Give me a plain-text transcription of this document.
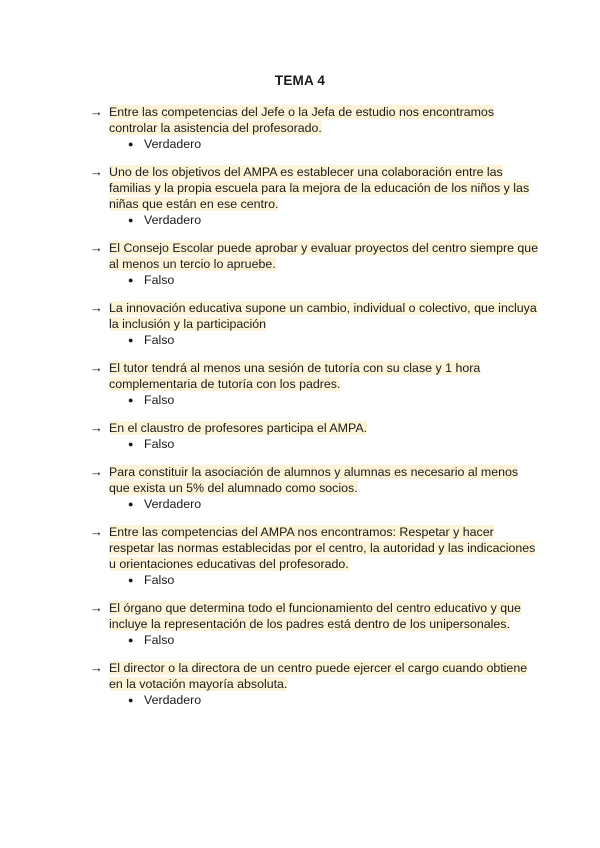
TEMA 4
→ Entre las competencias del Jefe o la Jefa de estudio nos encontramos controlar la asistencia del profesorado.
● Verdadero
→ Uno de los objetivos del AMPA es establecer una colaboración entre las familias y la propia escuela para la mejora de la educación de los niños y las niñas que están en ese centro.
● Verdadero
→ El Consejo Escolar puede aprobar y evaluar proyectos del centro siempre que al menos un tercio lo apruebe.
● Falso
→ La innovación educativa supone un cambio, individual o colectivo, que incluya la inclusión y la participación
● Falso
→ El tutor tendrá al menos una sesión de tutoría con su clase y 1 hora complementaria de tutoría con los padres.
● Falso
→ En el claustro de profesores participa el AMPA.
● Falso
→ Para constituir la asociación de alumnos y alumnas es necesario al menos que exista un 5% del alumnado como socios.
● Verdadero
→ Entre las competencias del AMPA nos encontramos: Respetar y hacer respetar las normas establecidas por el centro, la autoridad y las indicaciones u orientaciones educativas del profesorado.
● Falso
→ El órgano que determina todo el funcionamiento del centro educativo y que incluye la representación de los padres está dentro de los unipersonales.
● Falso
→ El director o la directora de un centro puede ejercer el cargo cuando obtiene en la votación mayoría absoluta.
● Verdadero
